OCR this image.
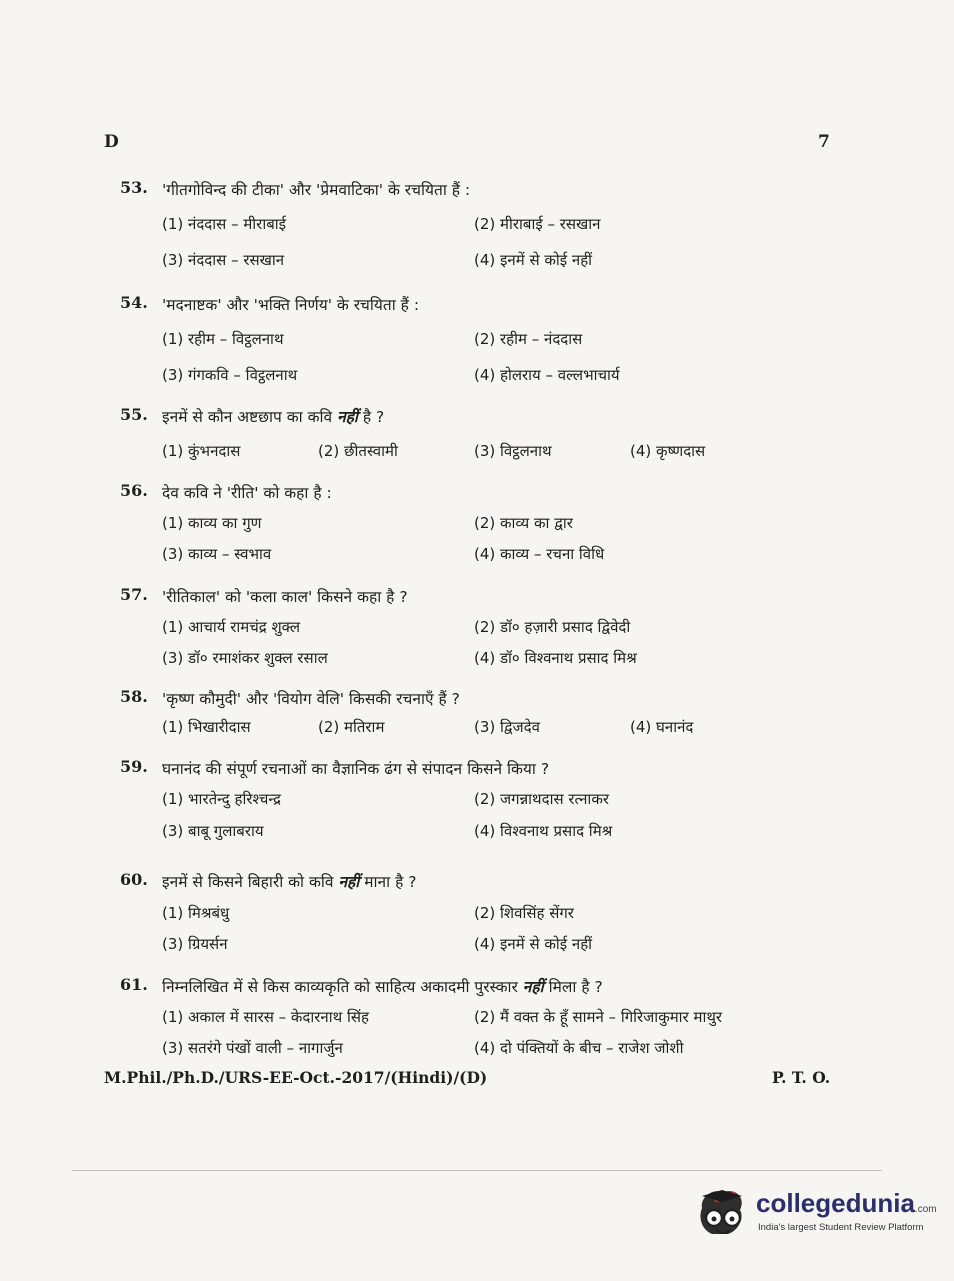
D	7
53. 'गीतगोविन्द की टीका' और 'प्रेमवाटिका' के रचयिता हैं :
(1) नंददास – मीराबाई	(2) मीराबाई – रसखान
(3) नंददास – रसखान	(4) इनमें से कोई नहीं
54. 'मदनाष्टक' और 'भक्ति निर्णय' के रचयिता हैं :
(1) रहीम – विट्ठलनाथ	(2) रहीम – नंददास
(3) गंगकवि – विट्ठलनाथ	(4) होलराय – वल्लभाचार्य
55. इनमें से कौन अष्टछाप का कवि नहीं है ?
(1) कुंभनदास	(2) छीतस्वामी	(3) विट्ठलनाथ	(4) कृष्णदास
56. देव कवि ने 'रीति' को कहा है :
(1) काव्य का गुण	(2) काव्य का द्वार
(3) काव्य – स्वभाव	(4) काव्य – रचना विधि
57. 'रीतिकाल' को 'कला काल' किसने कहा है ?
(1) आचार्य रामचंद्र शुक्ल	(2) डॉ० हज़ारी प्रसाद द्विवेदी
(3) डॉ० रमाशंकर शुक्ल रसाल	(4) डॉ० विश्वनाथ प्रसाद मिश्र
58. 'कृष्ण कौमुदी' और 'वियोग वेलि' किसकी रचनाएँ हैं ?
(1) भिखारीदास	(2) मतिराम	(3) द्विजदेव	(4) घनानंद
59. घनानंद की संपूर्ण रचनाओं का वैज्ञानिक ढंग से संपादन किसने किया ?
(1) भारतेन्दु हरिश्चन्द्र	(2) जगन्नाथदास रत्नाकर
(3) बाबू गुलाबराय	(4) विश्वनाथ प्रसाद मिश्र
60. इनमें से किसने बिहारी को कवि नहीं माना है ?
(1) मिश्रबंधु	(2) शिवसिंह सेंगर
(3) ग्रियर्सन	(4) इनमें से कोई नहीं
61. निम्नलिखित में से किस काव्यकृति को साहित्य अकादमी पुरस्कार नहीं मिला है ?
(1) अकाल में सारस – केदारनाथ सिंह	(2) मैं वक्त के हूँ सामने – गिरिजाकुमार माथुर
(3) सतरंगे पंखों वाली – नागार्जुन	(4) दो पंक्तियों के बीच – राजेश जोशी
M.Phil./Ph.D./URS-EE-Oct.-2017/(Hindi)/(D)	P. T. O.
collegedunia.com
India's largest Student Review Platform
